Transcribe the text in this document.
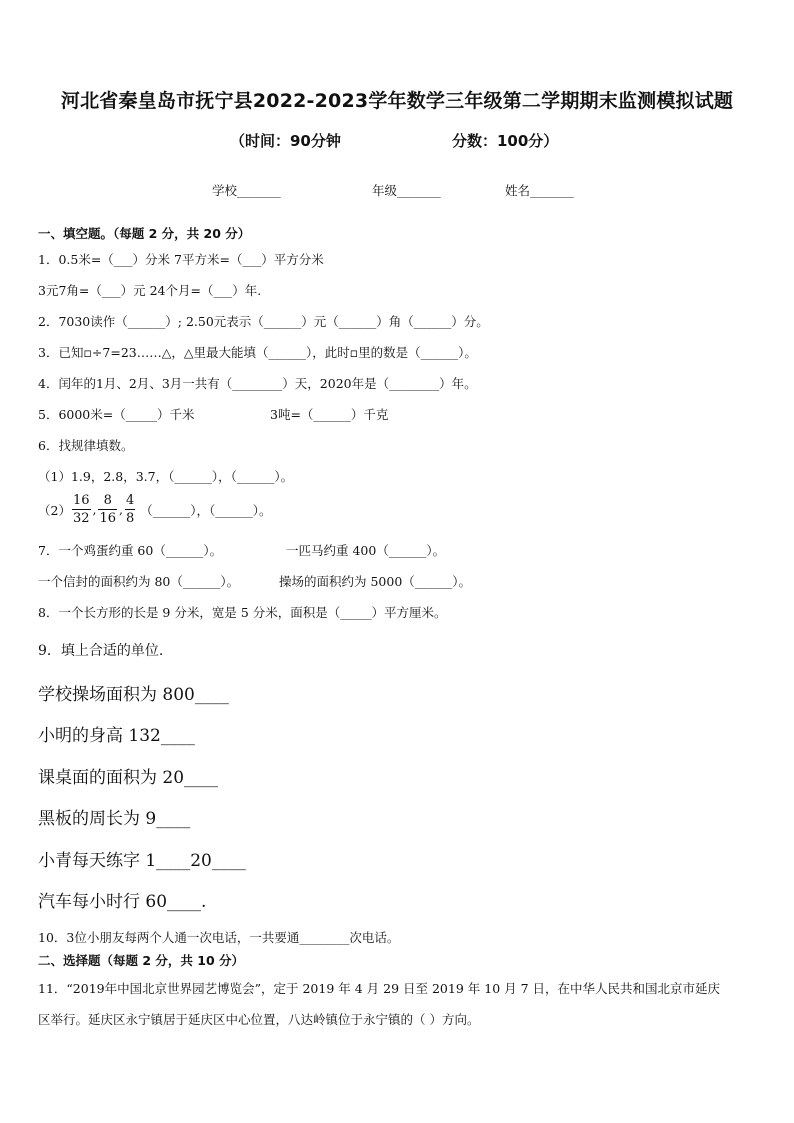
河北省秦皇岛市抚宁县2022-2023学年数学三年级第二学期期末监测模拟试题
（时间：90分钟	分数：100分）
学校_______	年级_______	姓名_______
一、填空题。（每题 2 分，共 20 分）
1．0.5米=（___）分米 7平方米=（___）平方分米
3元7角=（___）元 24个月=（___）年.
2．7030读作（______）; 2.50元表示（______）元（______）角（______）分。
3．已知▫÷7=23……△，△里最大能填（______），此时▫里的数是（______）。
4．闰年的1月、2月、3月一共有（________）天，2020年是（________）年。
5．6000米=（_____）千米	3吨=（______）千克
6．找规律填数。
（1）1.9，2.8，3.7，（______），（______）。
$(2) \frac{16}{32}$ , $\frac{8}{16}$ , $\frac{4}{8}$ （______），（______）。
7．一个鸡蛋约重 60（______）。	一匹马约重 400（______）。
一个信封的面积约为 80（______）。	操场的面积约为 5000（______）。
8．一个长方形的长是 9 分米，宽是 5 分米，面积是（_____）平方厘米。
9．填上合适的单位.
学校操场面积为 800____
小明的身高 132____
课桌面的面积为 20____
黑板的周长为 9____
小青每天练字 1____20____
汽车每小时行 60____.
10．3位小朋友每两个人通一次电话，一共要通________次电话。
二、选择题（每题 2 分，共 10 分）
11．“2019年中国北京世界园艺博览会”，定于 2019 年 4 月 29 日至 2019 年 10 月 7 日，在中华人民共和国北京市延庆
区举行。延庆区永宁镇居于延庆区中心位置，八达岭镇位于永宁镇的（ ）方向。
